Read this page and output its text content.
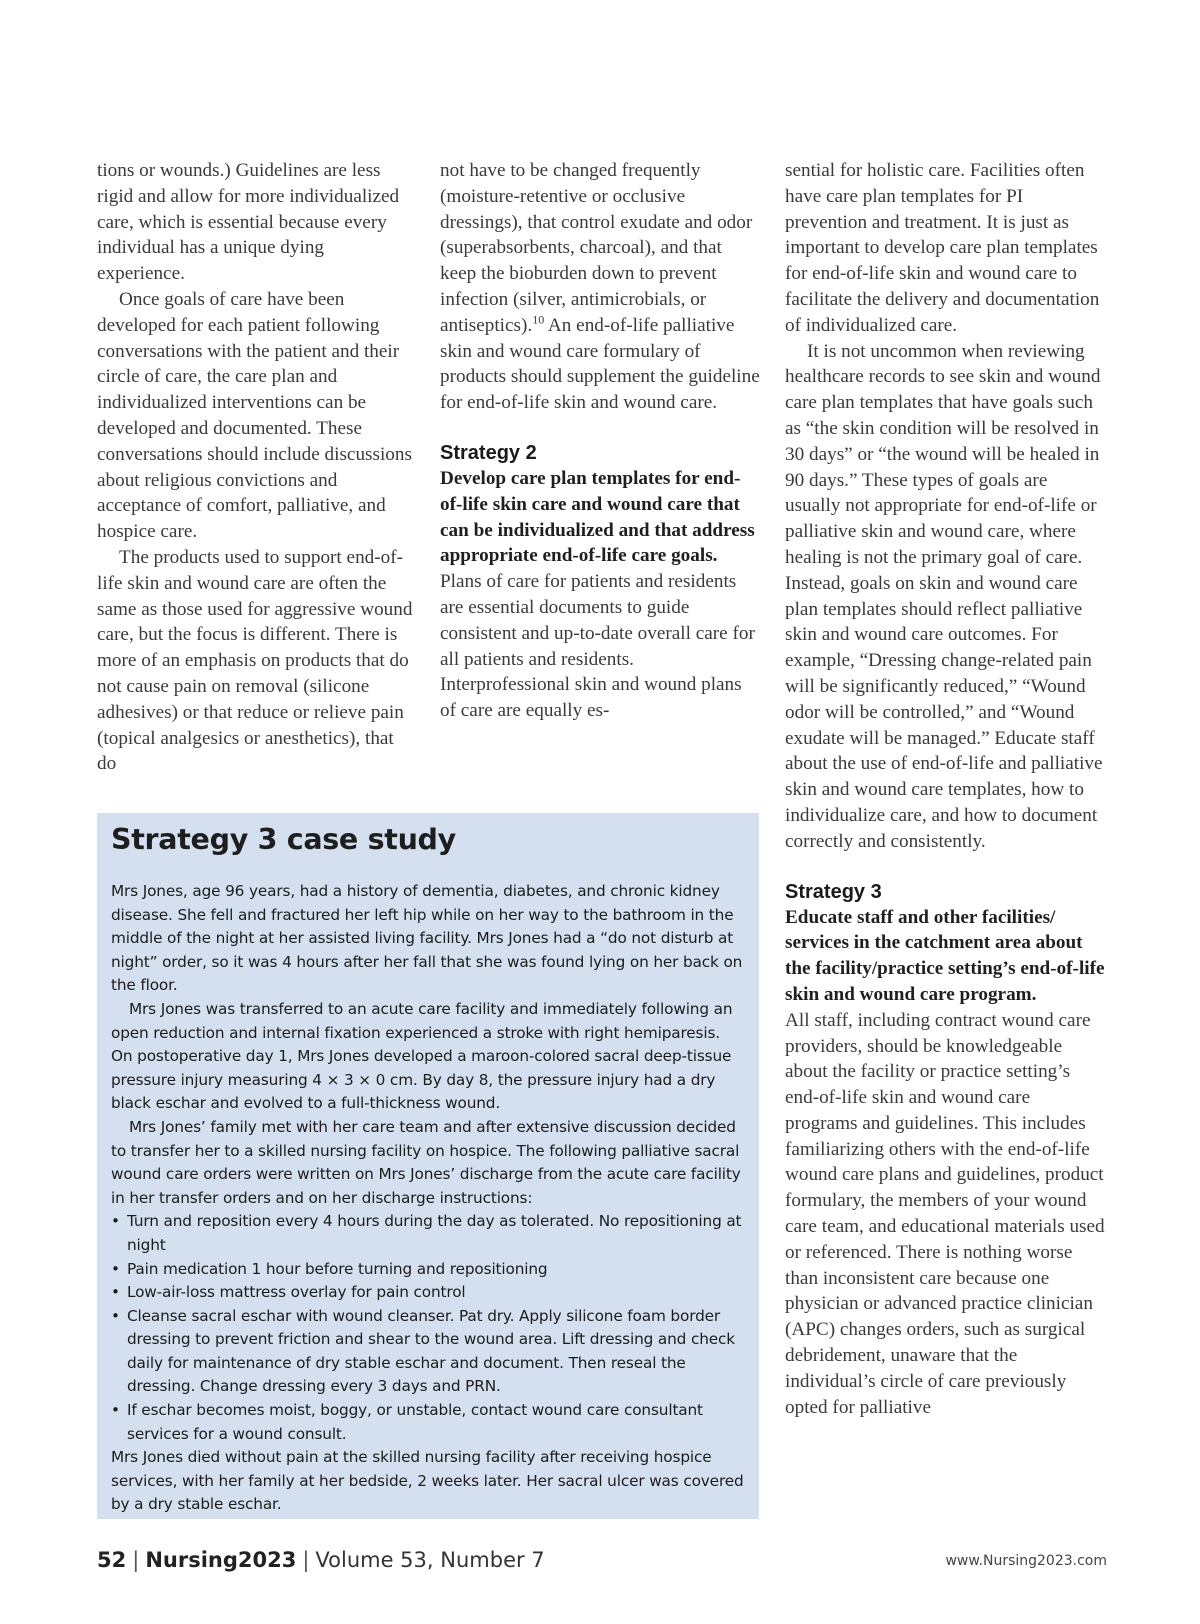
tions or wounds.) Guidelines are less rigid and allow for more individualized care, which is essential because every individual has a unique dying experience.

Once goals of care have been developed for each patient following conversations with the patient and their circle of care, the care plan and individualized interventions can be developed and documented. These conversations should include discussions about religious convictions and acceptance of comfort, palliative, and hospice care.

The products used to support end-of-life skin and wound care are often the same as those used for aggressive wound care, but the focus is different. There is more of an emphasis on products that do not cause pain on removal (silicone adhesives) or that reduce or relieve pain (topical analgesics or anesthetics), that do

not have to be changed frequently (moisture-retentive or occlusive dressings), that control exudate and odor (superabsorbents, charcoal), and that keep the bioburden down to prevent infection (silver, antimicrobials, or antiseptics).$^{10}$ An end-of-life palliative skin and wound care formulary of products should supplement the guideline for end-of-life skin and wound care.

Strategy 2
Develop care plan templates for end-of-life skin care and wound care that can be individualized and that address appropriate end-of-life care goals.

Plans of care for patients and residents are essential documents to guide consistent and up-to-date overall care for all patients and residents. Interprofessional skin and wound plans of care are equally es-

sential for holistic care. Facilities often have care plan templates for PI prevention and treatment. It is just as important to develop care plan templates for end-of-life skin and wound care to facilitate the delivery and documentation of individualized care.

It is not uncommon when reviewing healthcare records to see skin and wound care plan templates that have goals such as “the skin condition will be resolved in 30 days” or “the wound will be healed in 90 days.” These types of goals are usually not appropriate for end-of-life or palliative skin and wound care, where healing is not the primary goal of care. Instead, goals on skin and wound care plan templates should reflect palliative skin and wound care outcomes. For example, “Dressing change-related pain will be significantly reduced,” “Wound odor will be controlled,” and “Wound exudate will be managed.” Educate staff about the use of end-of-life and palliative skin and wound care templates, how to individualize care, and how to document correctly and consistently.

Strategy 3
Educate staff and other facilities/ services in the catchment area about the facility/practice setting’s end-of-life skin and wound care program.

All staff, including contract wound care providers, should be knowledgeable about the facility or practice setting’s end-of-life skin and wound care programs and guidelines. This includes familiarizing others with the end-of-life wound care plans and guidelines, product formulary, the members of your wound care team, and educational materials used or referenced. There is nothing worse than inconsistent care because one physician or advanced practice clinician (APC) changes orders, such as surgical debridement, unaware that the individual’s circle of care previously opted for palliative

Strategy 3 case study

Mrs Jones, age 96 years, had a history of dementia, diabetes, and chronic kidney disease. She fell and fractured her left hip while on her way to the bathroom in the middle of the night at her assisted living facility. Mrs Jones had a “do not disturb at night” order, so it was 4 hours after her fall that she was found lying on her back on the floor.

Mrs Jones was transferred to an acute care facility and immediately following an open reduction and internal fixation experienced a stroke with right hemiparesis. On postoperative day 1, Mrs Jones developed a maroon-colored sacral deep-tissue pressure injury measuring 4 × 3 × 0 cm. By day 8, the pressure injury had a dry black eschar and evolved to a full-thickness wound.

Mrs Jones’ family met with her care team and after extensive discussion decided to transfer her to a skilled nursing facility on hospice. The following palliative sacral wound care orders were written on Mrs Jones’ discharge from the acute care facility in her transfer orders and on her discharge instructions:

• Turn and reposition every 4 hours during the day as tolerated. No repositioning at night
• Pain medication 1 hour before turning and repositioning
• Low-air-loss mattress overlay for pain control
• Cleanse sacral eschar with wound cleanser. Pat dry. Apply silicone foam border dressing to prevent friction and shear to the wound area. Lift dressing and check daily for maintenance of dry stable eschar and document. Then reseal the dressing. Change dressing every 3 days and PRN.
• If eschar becomes moist, boggy, or unstable, contact wound care consultant services for a wound consult.

Mrs Jones died without pain at the skilled nursing facility after receiving hospice services, with her family at her bedside, 2 weeks later. Her sacral ulcer was covered by a dry stable eschar.

52 | Nursing2023 | Volume 53, Number 7	www.Nursing2023.com
